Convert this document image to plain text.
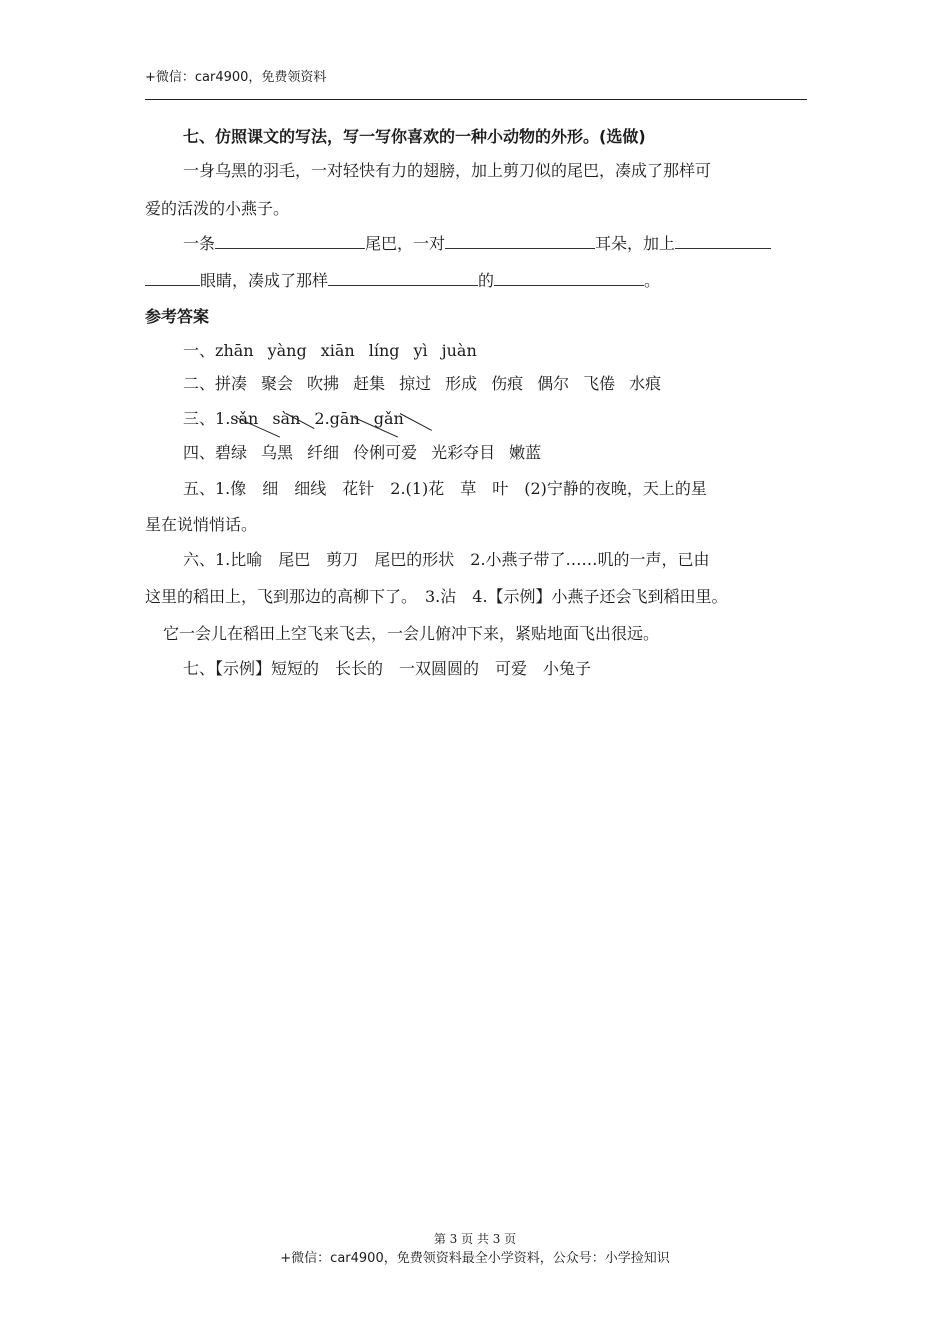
+微信：car4900，免费领资料
七、仿照课文的写法，写一写你喜欢的一种小动物的外形。(选做)
一身乌黑的羽毛，一对轻快有力的翅膀，加上剪刀似的尾巴，凑成了那样可
爱的活泼的小燕子。
一条	尾巴，一对	耳朵，加上
眼睛，凑成了那样	的	。
参考答案
一、zhān yàng xiān líng yì juàn
二、拼凑 聚会 吹拂 赶集 掠过 形成 伤痕 偶尔 飞倦 水痕
三、1.sǎn sàn 2.gān gǎn
四、碧绿 乌黑 纤细 伶俐可爱 光彩夺目 嫩蓝
五、1.像　细　细线　花针　2.(1)花　草　叶　(2)宁静的夜晚，天上的星
星在说悄悄话。
六、1.比喻　尾巴　剪刀　尾巴的形状　2.小燕子带了……叽的一声，已由
这里的稻田上，飞到那边的高柳下了。　3.沾　4.【示例】小燕子还会飞到稻田里。
它一会儿在稻田上空飞来飞去，一会儿俯冲下来，紧贴地面飞出很远。
七、【示例】短短的　长长的　一双圆圆的　可爱　小兔子
第 3 页 共 3 页
+微信：car4900，免费领资料最全小学资料，公众号：小学捡知识
